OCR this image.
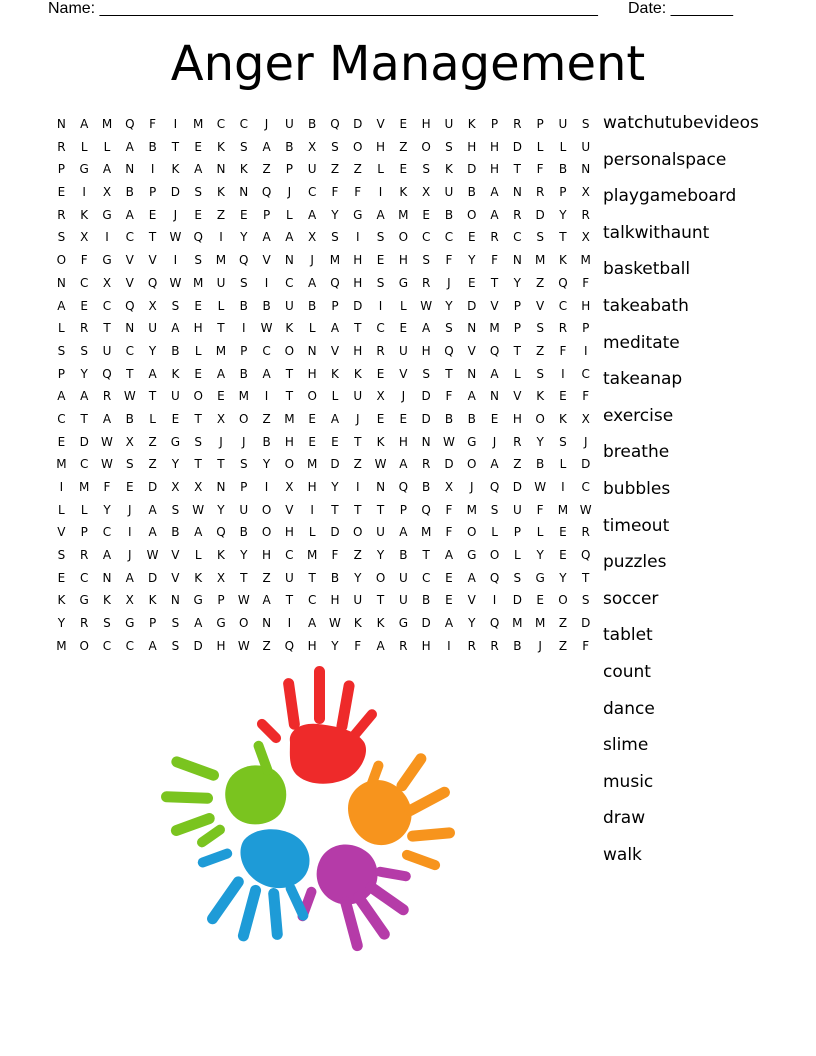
Name: ________________________________________________________

Date: _______

Anger Management
N	A	M	Q	F	I	M	C	C	J	U	B	Q	D	V	E	H	U	K	P	R	P	U	S
R	L	L	A	B	T	E	K	S	A	B	X	S	O	H	Z	O	S	H	H	D	L	L	U
P	G	A	N	I	K	A	N	K	Z	P	U	Z	Z	L	E	S	K	D	H	T	F	B	N
E	I	X	B	P	D	S	K	N	Q	J	C	F	F	I	K	X	U	B	A	N	R	P	X
R	K	G	A	E	J	E	Z	E	P	L	A	Y	G	A	M	E	B	O	A	R	D	Y	R
S	X	I	C	T	W	Q	I	Y	A	A	X	S	I	S	O	C	C	E	R	C	S	T	X
O	F	G	V	V	I	S	M	Q	V	N	J	M	H	E	H	S	F	Y	F	N	M	K	M
N	C	X	V	Q	W M	U	S	I	C	A	Q	H	S	G	R	J	E	T	Y	Z	Q	F
A	E	C	Q	X	S	E	L	B	B	U	B	P	D	I	L	W	Y	D	V	P	V	C	H
L	R	T	N	U	A	H	T	I	W	K	L	A	T	C	E	A	S	N	M	P	S	R	P
S	S	U	C	Y	B	L	M	P	C	O	N	V	H	R	U	H	Q	V	Q	T	Z	F	I
P	Y	Q	T	A	K	E	A	B	A	T	H	K	K	E	V	S	T	N	A	L	S	I	C
A	A	R	W	T	U	O	E	M	I	T	O	L	U	X	J	D	F	A	N	V	K	E	F
C	T	A	B	L	E	T	X	O	Z	M	E	A	J	E	E	D	B	B	E	H	O	K	X
E	D	W	X	Z	G	S	J	J	B	H	E	E	T	K	H	N	W	G	J	R	Y	S	J
M	C	W	S	Z	Y	T	T	S	Y	O	M	D	Z	W	A	R	D	O	A	Z	B	L	D
I	M	F	E	D	X	X	N	P	I	X	H	Y	I	N	Q	B	X	J	Q	D	W	I	C
L	L	Y	J	A	S	W	Y	U	O	V	I	T	T	T	P	Q	F	M	S	U	F	M W
V	P	C	I	A	B	A	Q	B	O	H	L	D	O	U	A	M	F	O	L	P	L	E	R
S	R	A	J	W	V	L	K	Y	H	C	M	F	Z	Y	B	T	A	G	O	L	Y	E	Q
E	C	N	A	D	V	K	X	T	Z	U	T	B	Y	O	U	C	E	A	Q	S	G	Y	T
K	G	K	X	K	N	G	P	W	A	T	C	H	U	T	U	B	E	V	I	D	E	O	S
Y	R	S	G	P	S	A	G	O	N	I	A	W	K	K	G	D	A	Y	Q	M	M	Z	D
M	O	C	C	A	S	D	H	W	Z	Q	H	Y	F	A	R	H	I	R	R	B	J	Z	F
watchutubevideos
personalspace
playgameboard
talkwithaunt
basketball
takeabath
meditate
takeanap
exercise
breathe
bubbles
timeout
puzzles
soccer
tablet
count
dance
slime
music
draw
walk
